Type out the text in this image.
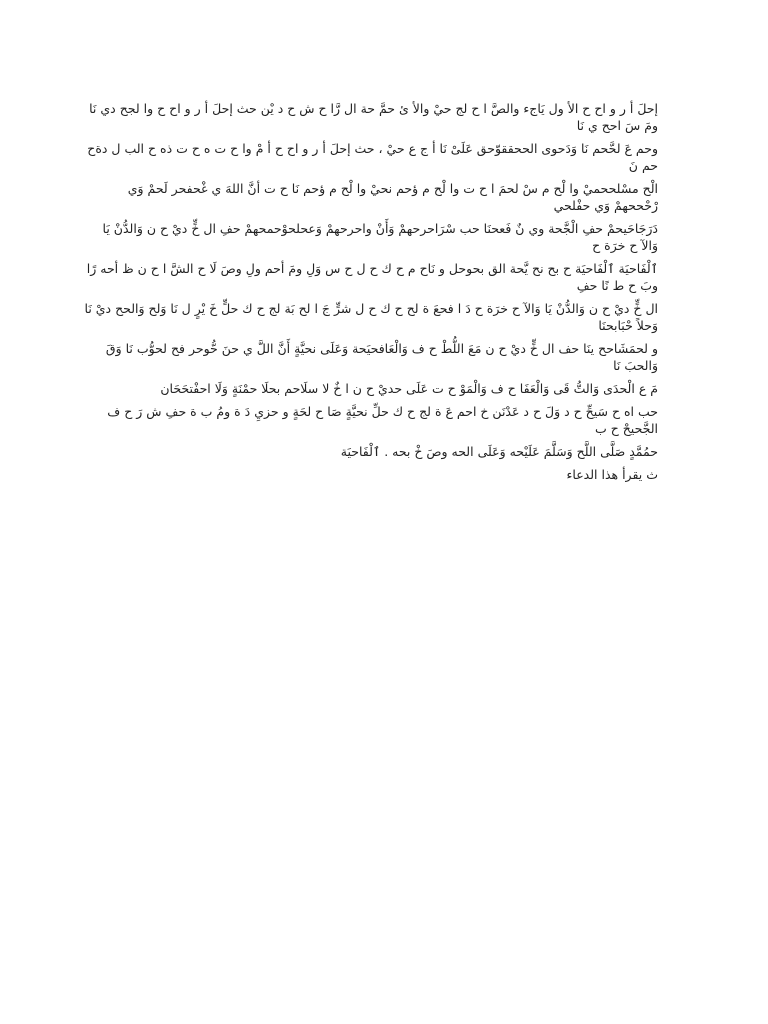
إحلَ أ ر و اح ح الأ ول يَاجء والصَّ ا ح لج حيْ والأ ئ حمَّ حة ال رَّا ح ش ح د يْن حث إحلَ أ ر و اح ح وا لجح دي نَا ومَ سَ احح ي نَا

وحم عَ لحَّحم نَا وَدَحوى الححققوّحق عَلَىْ نَا أ ج ع حيْ ، حث إحلَ أ ر و اح ح أ مْ وا ح ت ه ح ت ذه ح الب ل دةح حم نَ

الْح مسْلححميْ وا لْح م سْ لحمَ ا ح ت وا لْح م ؤحم نحيْ وا لْح م ؤحم نَا ح ت أنَّ اللهَ ي غْحفحر لَحمْ وَي رْحْححهمْ وَي حفْلحي

دَرَجَاحَيحمْ حفِ الْجَّحة وي نٌ فَعحنَا حب سْرَاحرحهمْ وَأَنْ واحرحهمْ وَعحلحوْحمحهمْ حفِ ال خٍّ ديْ ح ن وَالدُّنْ يَا وَالآ ح خرَة ح

ٱلْفَاحيَة ٱلْفَاحيَة ح بح نح يَّحة الق بحوحل و نَاح م ح ك ح ل ح س وَلِ ومَ أحم ولِ وصَ لَا ح الشَّ ا ح ن ظ أحه رًا وبَ ح ط نًا حفِ

ال خٍّ ديْ ح ن وَالدُّنْ يَا وَالآ ح خرَة ح دَ ا فحعَ ة لح ح ك ح ل شرٍّ جَ ا لح بَة لج ح ك حلٍّ خَ يْرٍ ل نَا وَلح وَالحح ديْ نَا وَحلاً حْبَابحنَا

و لحمَشَاحح ينَا حف ال خٍّ ديْ ح ن مَعَ اللُّطْ ح ف وَالْعَافحيَحة وَعَلَى نحيَّةٍ أَنَّ اللَّ ي حنَ حُّوحر فح لحوُّب نَا وَقَ وَالحبَ نَا

مَ ع الْحدَى وَالتُّ قَى وَالْعَفَا ح ف وَالْمَوْ ح ت عَلَى حديْ ح ن ا خٌ لا سلَاحم بحلَا حمْنَةٍ وَلَا احفْتحَحَان

حب اه ح سَيحِّ ح د وَلَ ح د عَدْنَن خ احم عَ ة لج ح ك حلِّ نحيَّةٍ صَا ح لحَةٍ و حزيِ دَ ة ومُ ب ة حفِ ش رَ ح ف الجَّحيحْ ح ب

حمُمَّدٍ صَلَّى اللَّح وَسَلَّمَ عَلَيْحه وَعَلَى الحه وصَ خْ بحه . ٱلْفَاحيَة

ث يقرأ هذا الدعاء
